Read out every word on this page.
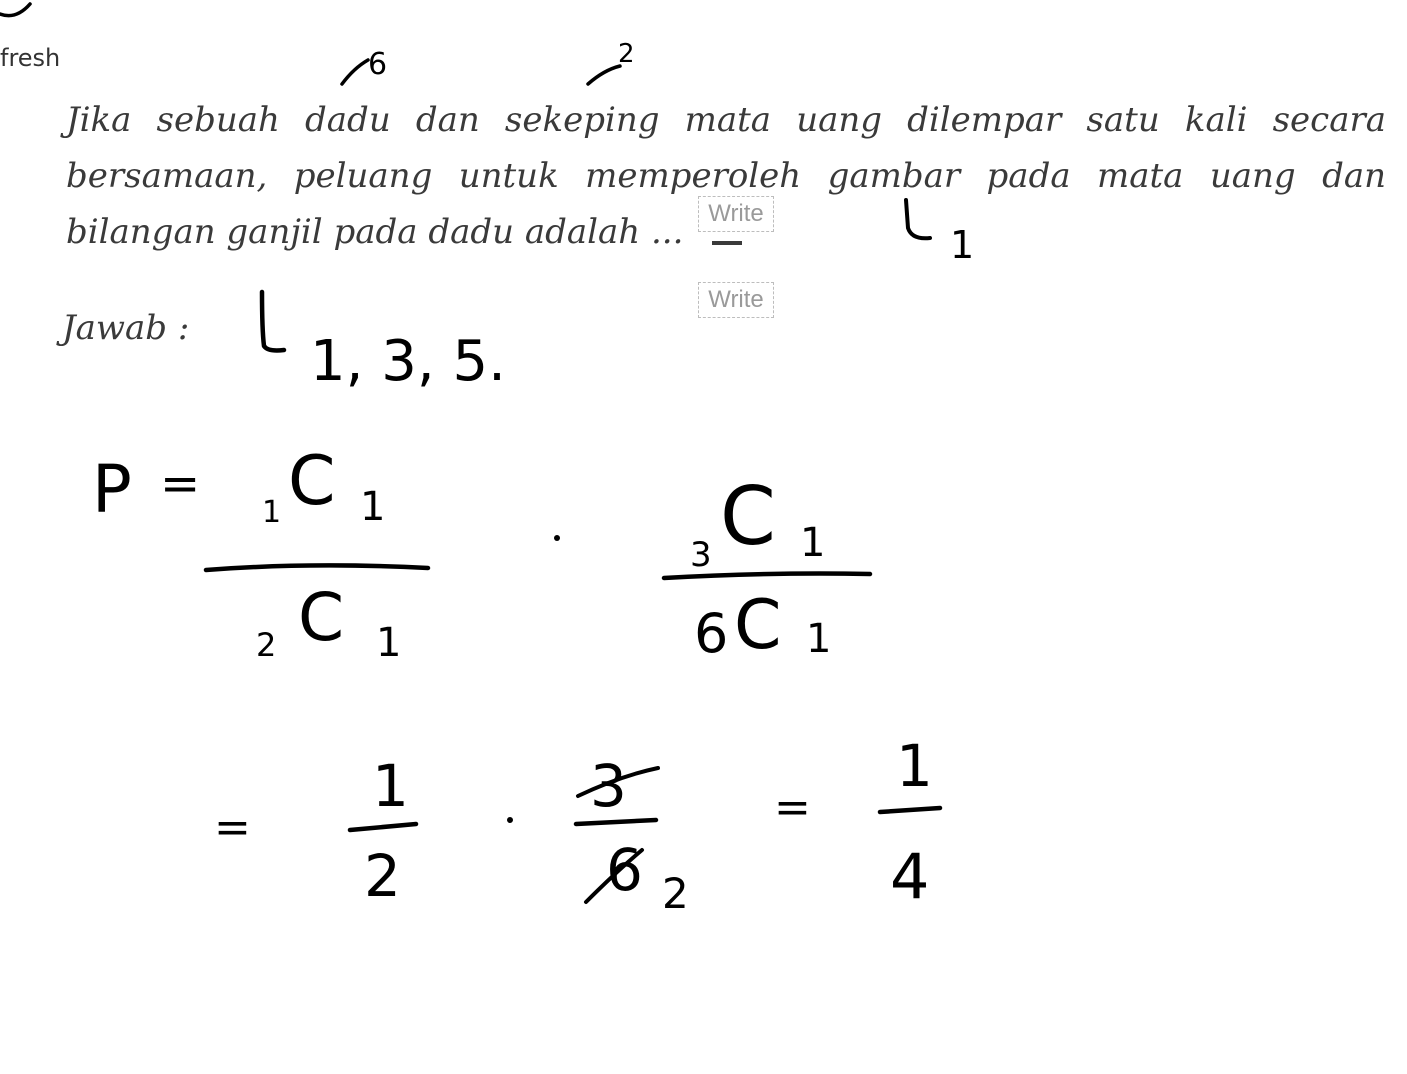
fresh
Jika sebuah dadu dan sekeping mata uang dilempar satu kali secara bersamaan, peluang untuk memperoleh gambar pada mata uang dan bilangan ganjil pada dadu adalah ...
Jawab :
Write
Write
6	2
1
1, 3, 5.
P =
1 C 1
2 C 1
3 C 1
6 C 1
=
1
2
3
6 2
=
1
4
